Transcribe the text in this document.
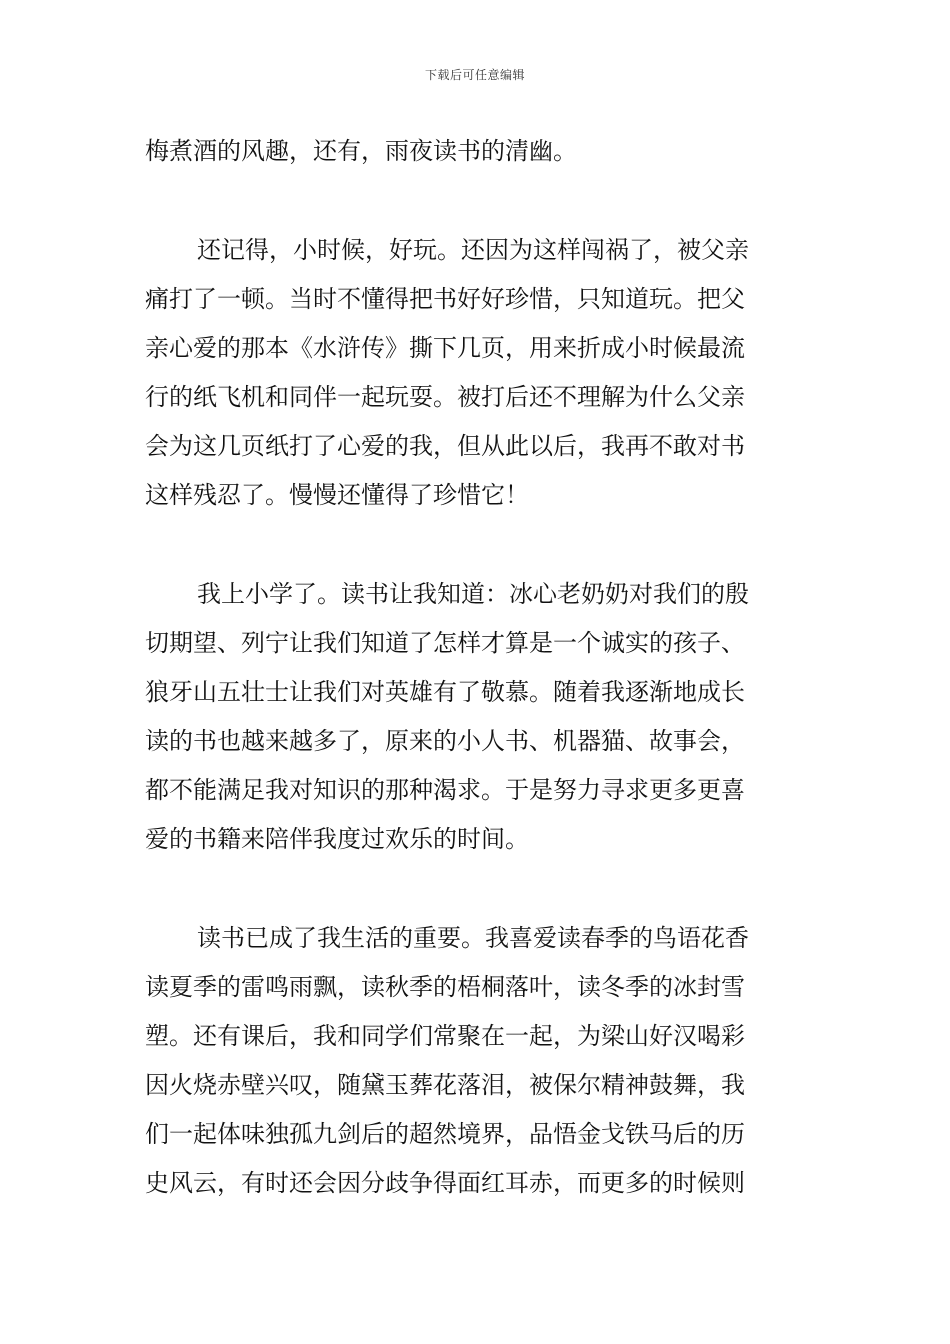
下载后可任意编辑
梅煮酒的风趣，还有，雨夜读书的清幽。
还记得，小时候，好玩。还因为这样闯祸了，被父亲
痛打了一顿。当时不懂得把书好好珍惜，只知道玩。把父
亲心爱的那本《水浒传》撕下几页，用来折成小时候最流
行的纸飞机和同伴一起玩耍。被打后还不理解为什么父亲
会为这几页纸打了心爱的我，但从此以后，我再不敢对书
这样残忍了。慢慢还懂得了珍惜它！
我上小学了。读书让我知道：冰心老奶奶对我们的殷
切期望、列宁让我们知道了怎样才算是一个诚实的孩子、
狼牙山五壮士让我们对英雄有了敬慕。随着我逐渐地成长
读的书也越来越多了，原来的小人书、机器猫、故事会，
都不能满足我对知识的那种渴求。于是努力寻求更多更喜
爱的书籍来陪伴我度过欢乐的时间。
读书已成了我生活的重要。我喜爱读春季的鸟语花香
读夏季的雷鸣雨飘，读秋季的梧桐落叶，读冬季的冰封雪
塑。还有课后，我和同学们常聚在一起，为梁山好汉喝彩
因火烧赤壁兴叹，随黛玉葬花落泪，被保尔精神鼓舞，我
们一起体味独孤九剑后的超然境界，品悟金戈铁马后的历
史风云，有时还会因分歧争得面红耳赤，而更多的时候则
